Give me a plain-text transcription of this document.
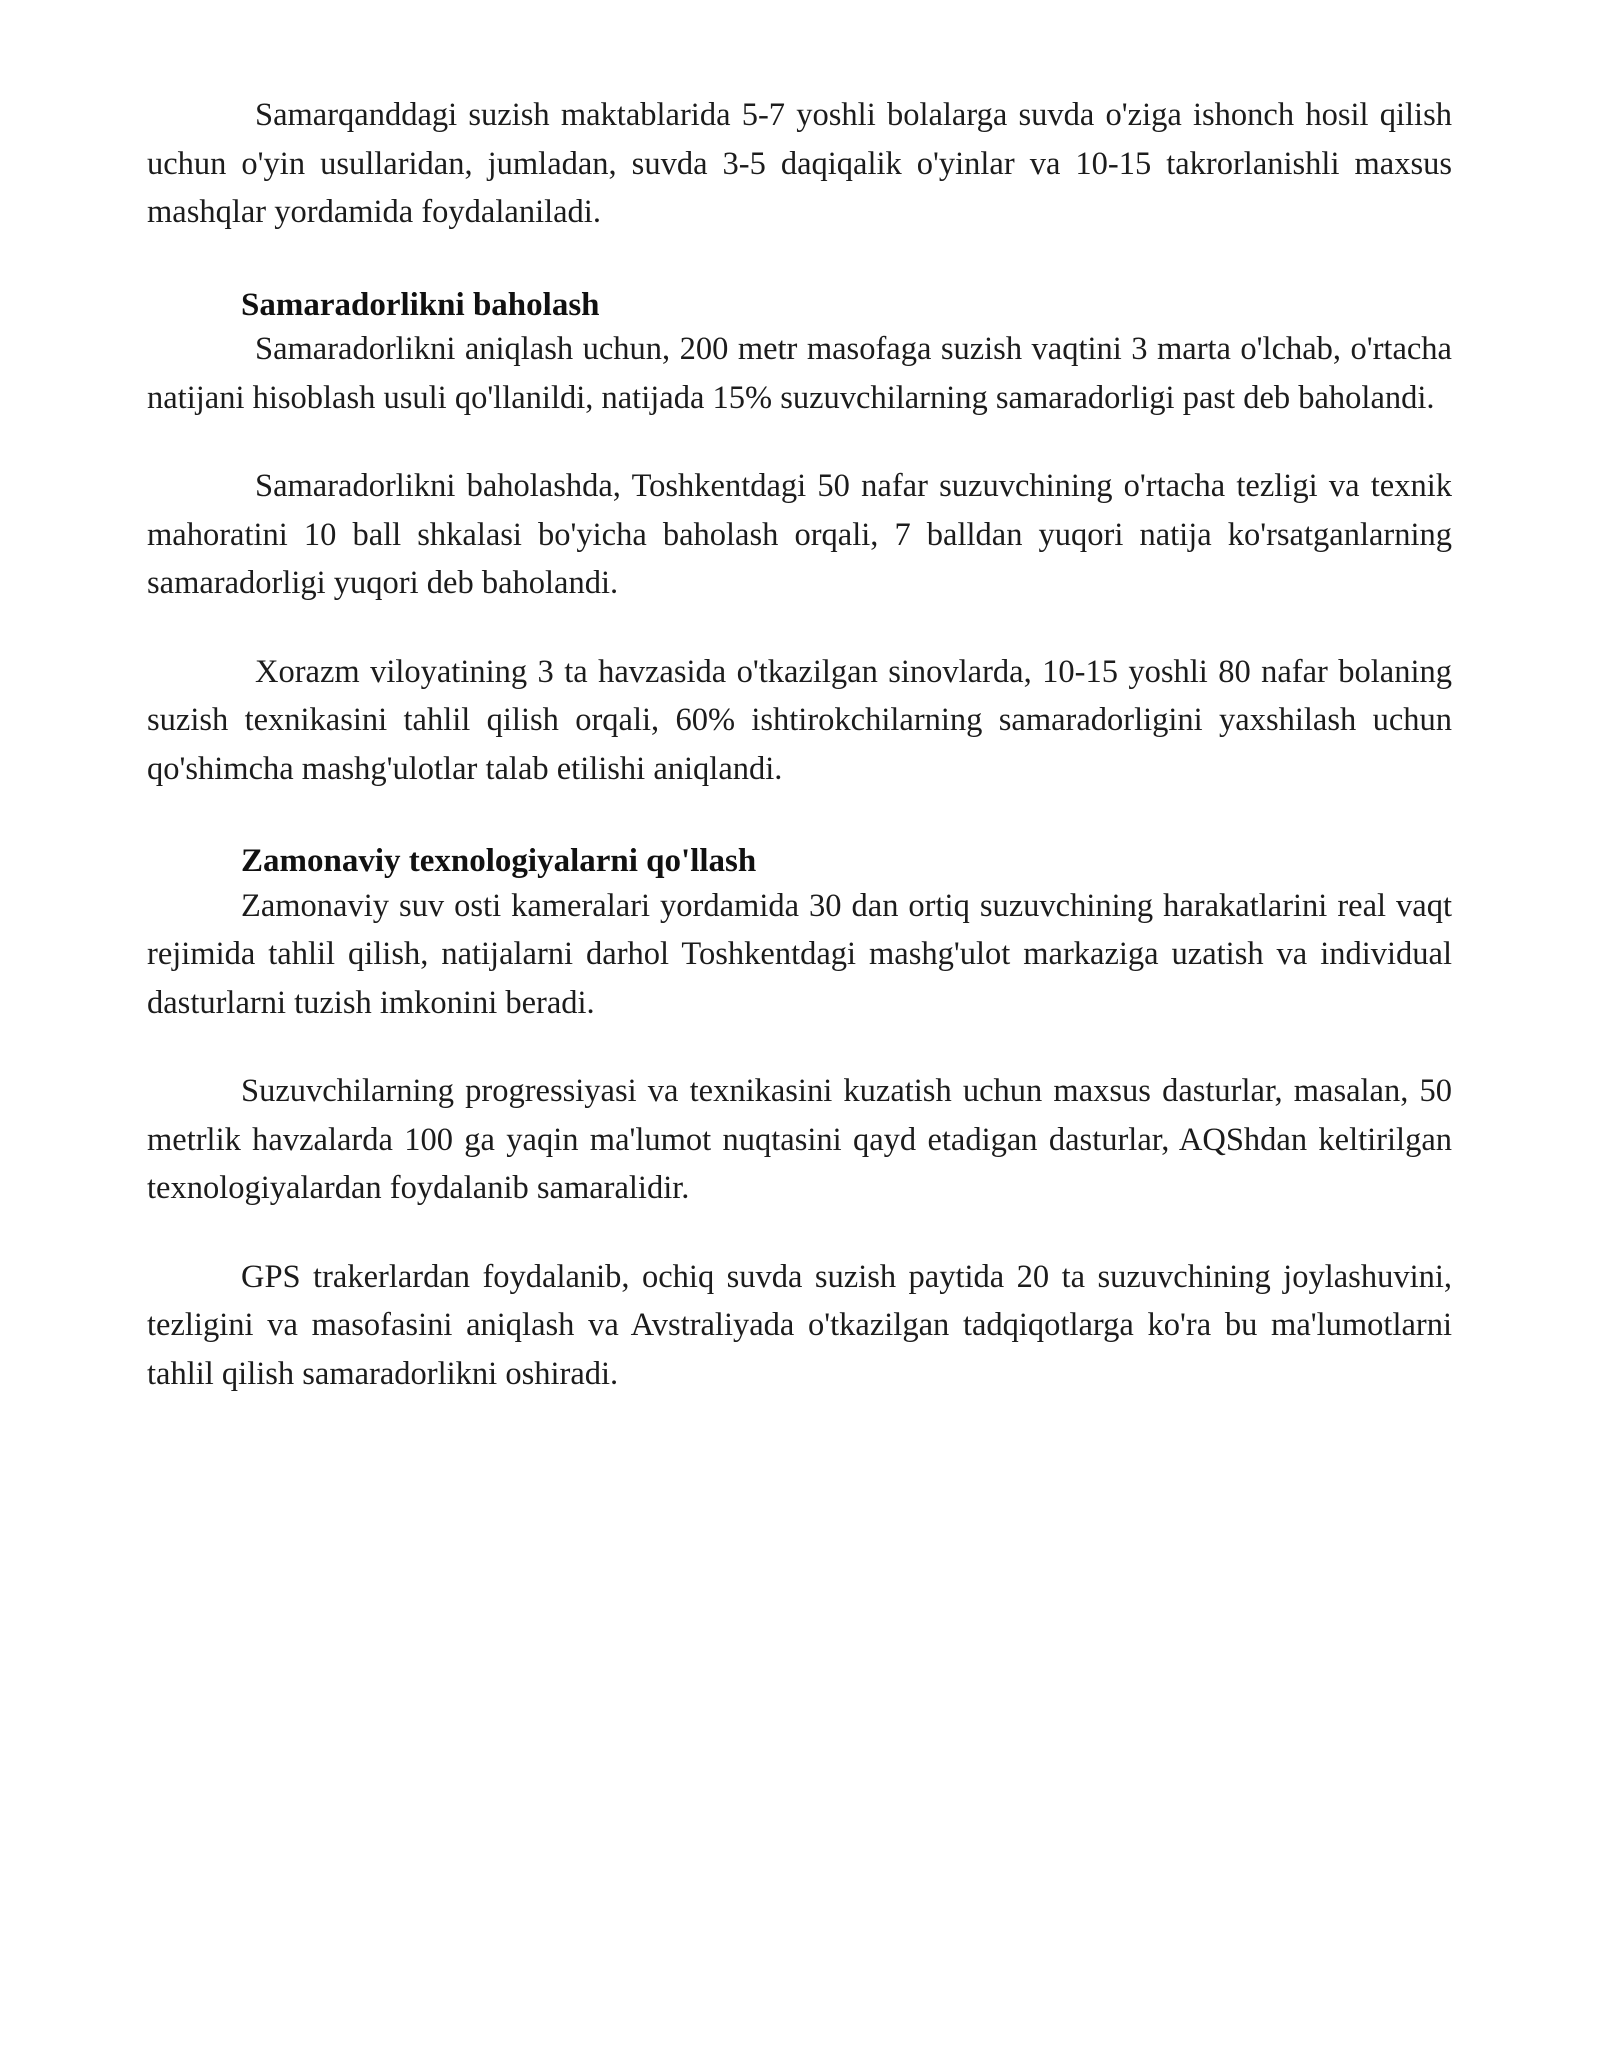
Samarqanddagi suzish maktablarida 5-7 yoshli bolalarga suvda o'ziga ishonch hosil qilish uchun o'yin usullaridan, jumladan, suvda 3-5 daqiqalik o'yinlar va 10-15 takrorlanishli maxsus mashqlar yordamida foydalaniladi.

Samaradorlikni baholash

Samaradorlikni aniqlash uchun, 200 metr masofaga suzish vaqtini 3 marta o'lchab, o'rtacha natijani hisoblash usuli qo'llanildi, natijada 15% suzuvchilarning samaradorligi past deb baholandi.

Samaradorlikni baholashda, Toshkentdagi 50 nafar suzuvchining o'rtacha tezligi va texnik mahoratini 10 ball shkalasi bo'yicha baholash orqali, 7 balldan yuqori natija ko'rsatganlarning samaradorligi yuqori deb baholandi.

Xorazm viloyatining 3 ta havzasida o'tkazilgan sinovlarda, 10-15 yoshli 80 nafar bolaning suzish texnikasini tahlil qilish orqali, 60% ishtirokchilarning samaradorligini yaxshilash uchun qo'shimcha mashg'ulotlar talab etilishi aniqlandi.

Zamonaviy texnologiyalarni qo'llash

Zamonaviy suv osti kameralari yordamida 30 dan ortiq suzuvchining harakatlarini real vaqt rejimida tahlil qilish, natijalarni darhol Toshkentdagi mashg'ulot markaziga uzatish va individual dasturlarni tuzish imkonini beradi.

Suzuvchilarning progressiyasi va texnikasini kuzatish uchun maxsus dasturlar, masalan, 50 metrlik havzalarda 100 ga yaqin ma'lumot nuqtasini qayd etadigan dasturlar, AQShdan keltirilgan texnologiyalardan foydalanib samaralidir.

GPS trakerlardan foydalanib, ochiq suvda suzish paytida 20 ta suzuvchining joylashuvini, tezligini va masofasini aniqlash va Avstraliyada o'tkazilgan tadqiqotlarga ko'ra bu ma'lumotlarni tahlil qilish samaradorlikni oshiradi.
